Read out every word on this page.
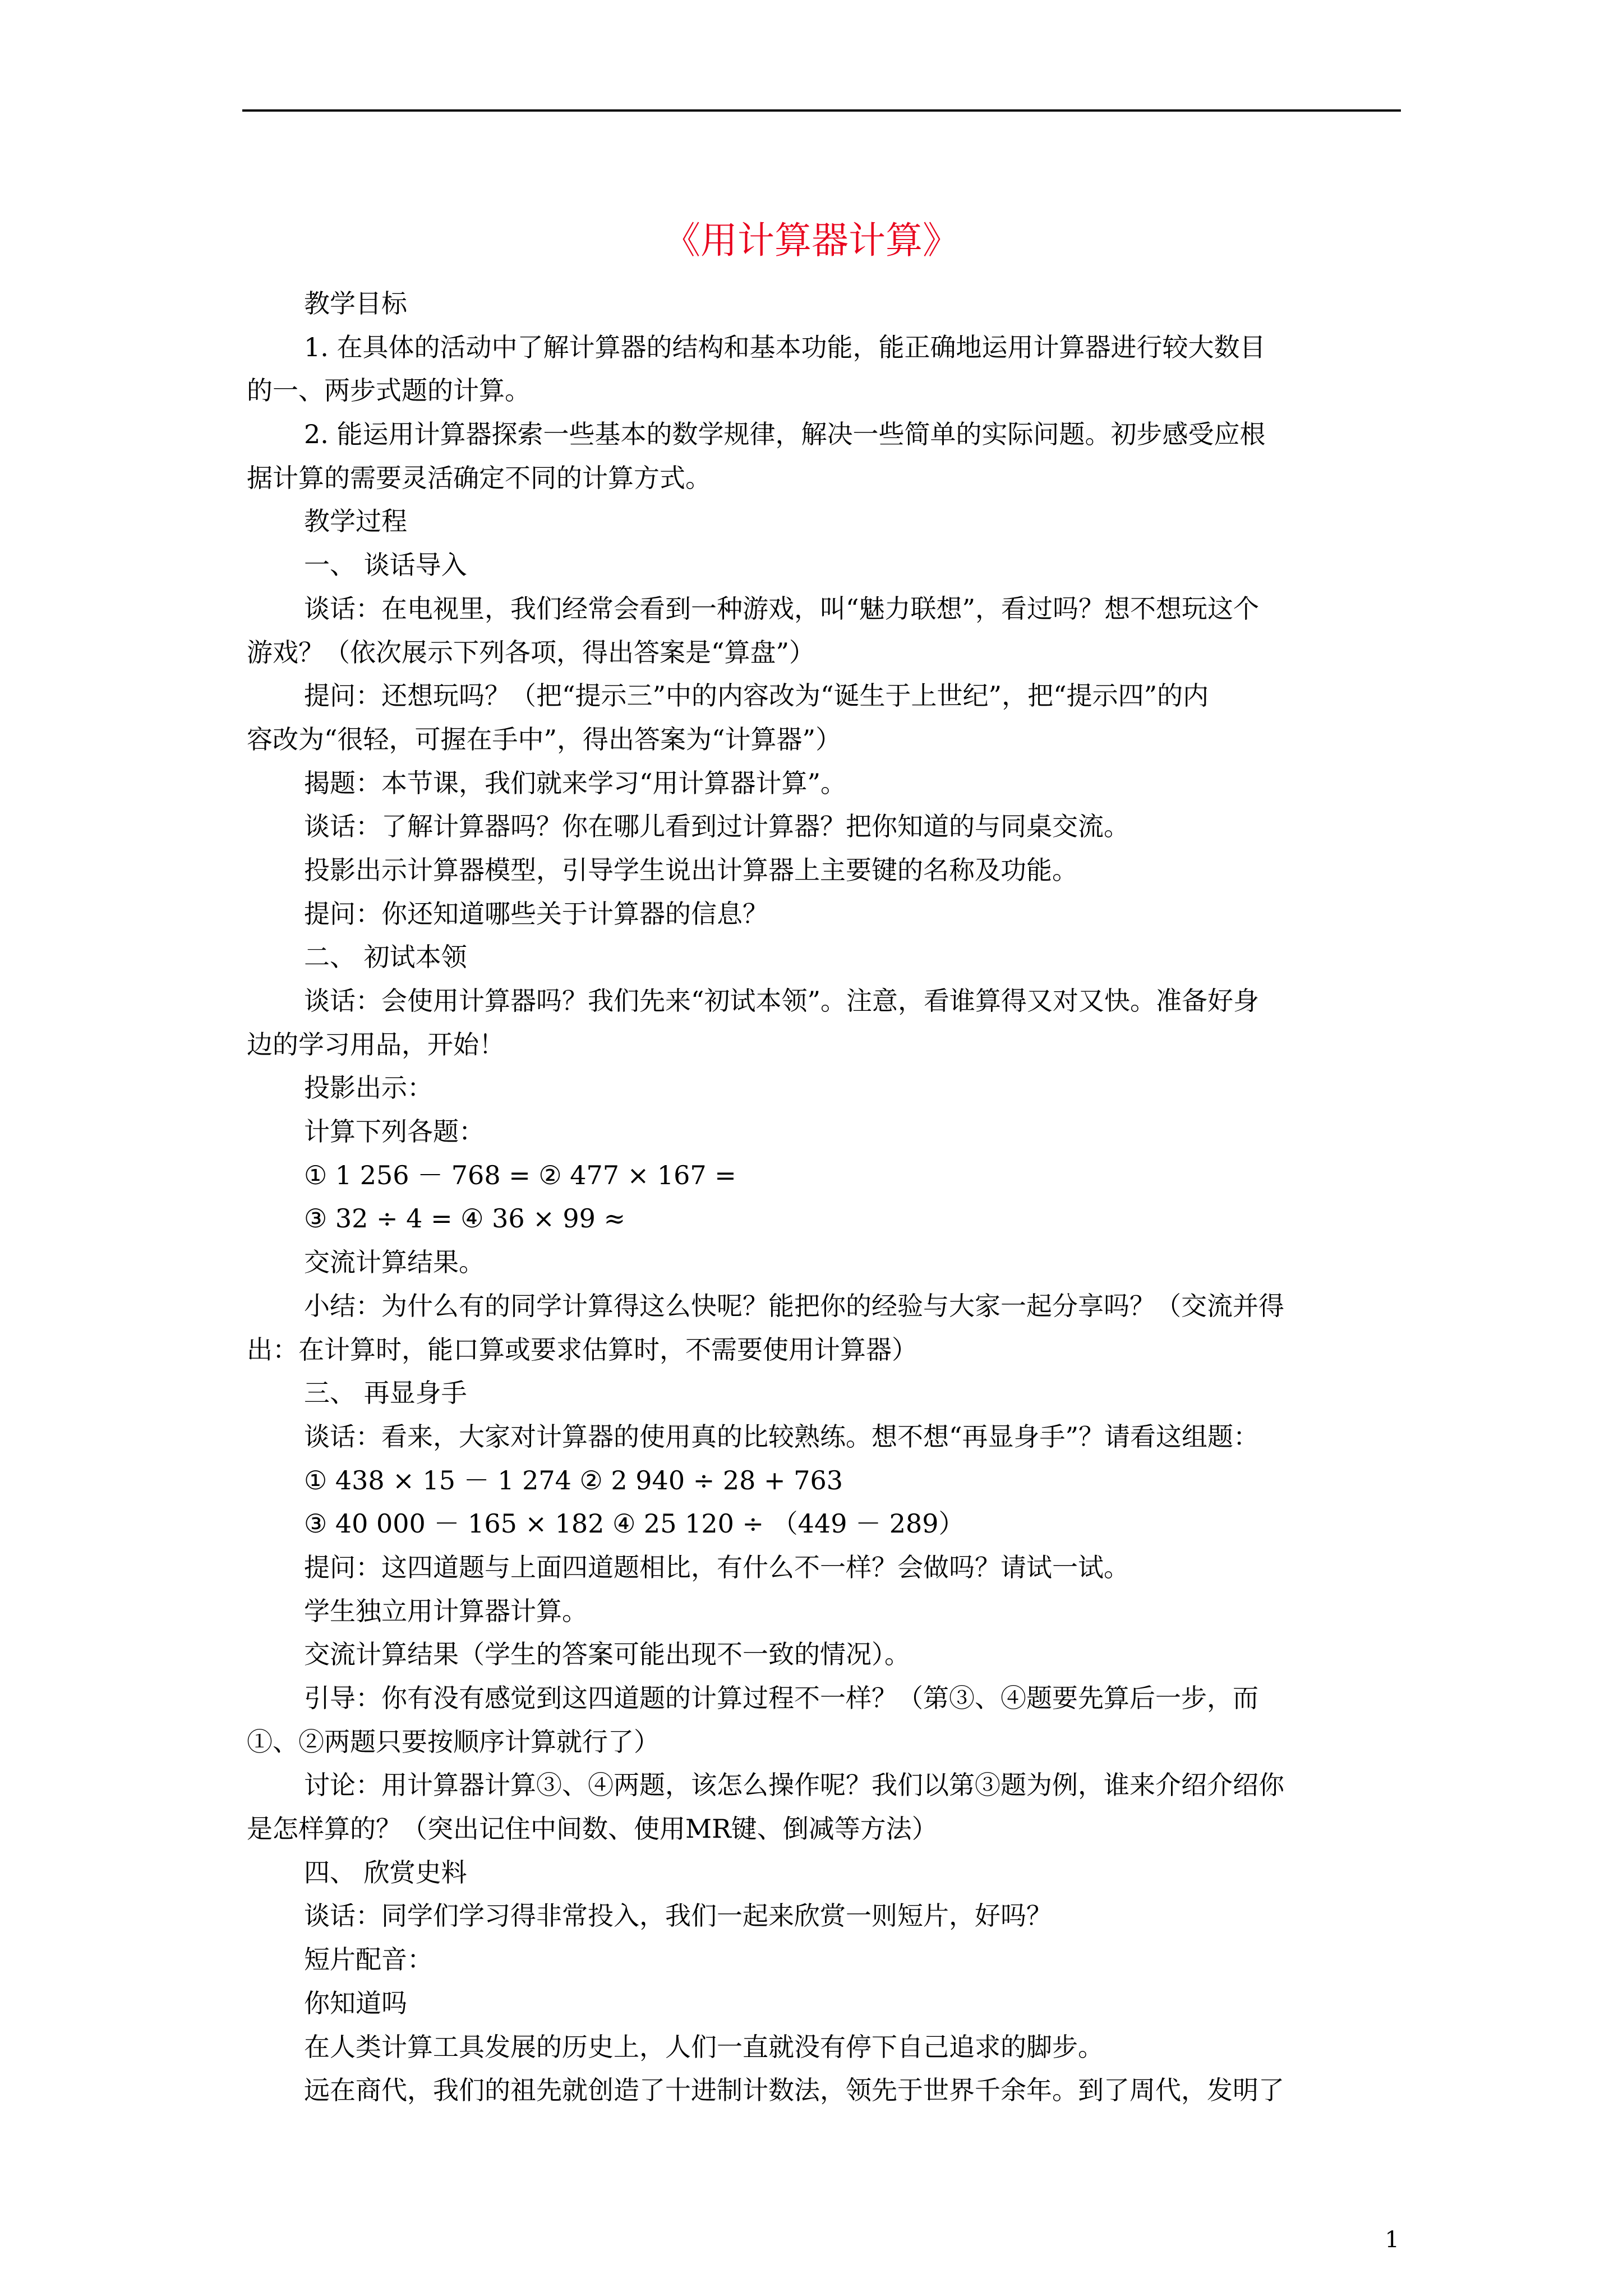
《用计算器计算》
教学目标
1. 在具体的活动中了解计算器的结构和基本功能，能正确地运用计算器进行较大数目
的一、两步式题的计算。
2. 能运用计算器探索一些基本的数学规律，解决一些简单的实际问题。初步感受应根
据计算的需要灵活确定不同的计算方式。
教学过程
一、 谈话导入
谈话：在电视里，我们经常会看到一种游戏，叫“魅力联想”，看过吗？想不想玩这个
游戏？（依次展示下列各项，得出答案是“算盘”）
提问：还想玩吗？（把“提示三”中的内容改为“诞生于上世纪”，把“提示四”的内
容改为“很轻，可握在手中”，得出答案为“计算器”）
揭题：本节课，我们就来学习“用计算器计算”。
谈话：了解计算器吗？你在哪儿看到过计算器？把你知道的与同桌交流。
投影出示计算器模型，引导学生说出计算器上主要键的名称及功能。
提问：你还知道哪些关于计算器的信息？
二、 初试本领
谈话：会使用计算器吗？我们先来“初试本领”。注意，看谁算得又对又快。准备好身
边的学习用品，开始！
投影出示：
计算下列各题：
① 1 256 － 768 = ② 477 × 167 =
③ 32 ÷ 4 = ④ 36 × 99 ≈
交流计算结果。
小结：为什么有的同学计算得这么快呢？能把你的经验与大家一起分享吗？（交流并得
出：在计算时，能口算或要求估算时，不需要使用计算器）
三、 再显身手
谈话：看来，大家对计算器的使用真的比较熟练。想不想“再显身手”？请看这组题：
① 438 × 15 － 1 274 ② 2 940 ÷ 28 + 763
③ 40 000 － 165 × 182 ④ 25 120 ÷ （449 － 289）
提问：这四道题与上面四道题相比，有什么不一样？会做吗？请试一试。
学生独立用计算器计算。
交流计算结果（学生的答案可能出现不一致的情况）。
引导：你有没有感觉到这四道题的计算过程不一样？（第③、④题要先算后一步，而
①、②两题只要按顺序计算就行了）
讨论：用计算器计算③、④两题，该怎么操作呢？我们以第③题为例，谁来介绍介绍你
是怎样算的？（突出记住中间数、使用MR键、倒减等方法）
四、 欣赏史料
谈话：同学们学习得非常投入，我们一起来欣赏一则短片，好吗？
短片配音：
你知道吗
在人类计算工具发展的历史上，人们一直就没有停下自己追求的脚步。
远在商代，我们的祖先就创造了十进制计数法，领先于世界千余年。到了周代，发明了
1
